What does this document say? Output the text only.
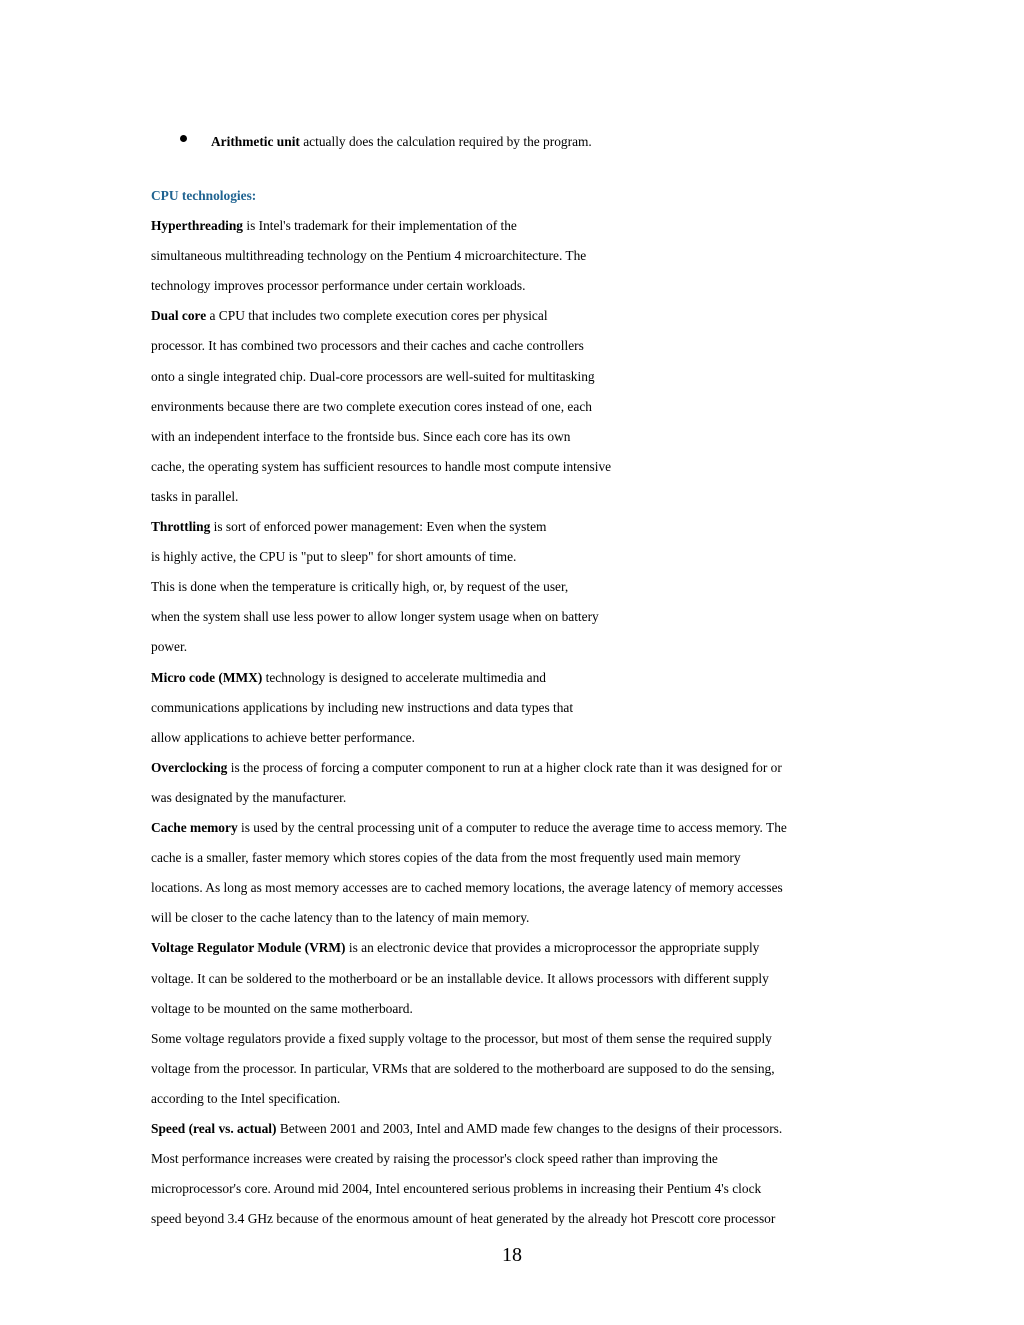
Arithmetic unit actually does the calculation required by the program.
CPU technologies:
Hyperthreading is Intel's trademark for their implementation of the
simultaneous multithreading technology on the Pentium 4 microarchitecture. The
technology improves processor performance under certain workloads.
Dual core a CPU that includes two complete execution cores per physical
processor. It has combined two processors and their caches and cache controllers
onto a single integrated chip. Dual-core processors are well-suited for multitasking
environments because there are two complete execution cores instead of one, each
with an independent interface to the frontside bus. Since each core has its own
cache, the operating system has sufficient resources to handle most compute intensive
tasks in parallel.
Throttling is sort of enforced power management: Even when the system
is highly active, the CPU is "put to sleep" for short amounts of time.
This is done when the temperature is critically high, or, by request of the user,
when the system shall use less power to allow longer system usage when on battery
power.
Micro code (MMX) technology is designed to accelerate multimedia and
communications applications by including new instructions and data types that
allow applications to achieve better performance.
Overclocking is the process of forcing a computer component to run at a higher clock rate than it was designed for or
was designated by the manufacturer.
Cache memory is used by the central processing unit of a computer to reduce the average time to access memory. The
cache is a smaller, faster memory which stores copies of the data from the most frequently used main memory
locations. As long as most memory accesses are to cached memory locations, the average latency of memory accesses
will be closer to the cache latency than to the latency of main memory.
Voltage Regulator Module (VRM) is an electronic device that provides a microprocessor the appropriate supply
voltage. It can be soldered to the motherboard or be an installable device. It allows processors with different supply
voltage to be mounted on the same motherboard.
Some voltage regulators provide a fixed supply voltage to the processor, but most of them sense the required supply
voltage from the processor. In particular, VRMs that are soldered to the motherboard are supposed to do the sensing,
according to the Intel specification.
Speed (real vs. actual) Between 2001 and 2003, Intel and AMD made few changes to the designs of their processors.
Most performance increases were created by raising the processor's clock speed rather than improving the
microprocessor's core. Around mid 2004, Intel encountered serious problems in increasing their Pentium 4's clock
speed beyond 3.4 GHz because of the enormous amount of heat generated by the already hot Prescott core processor
18
